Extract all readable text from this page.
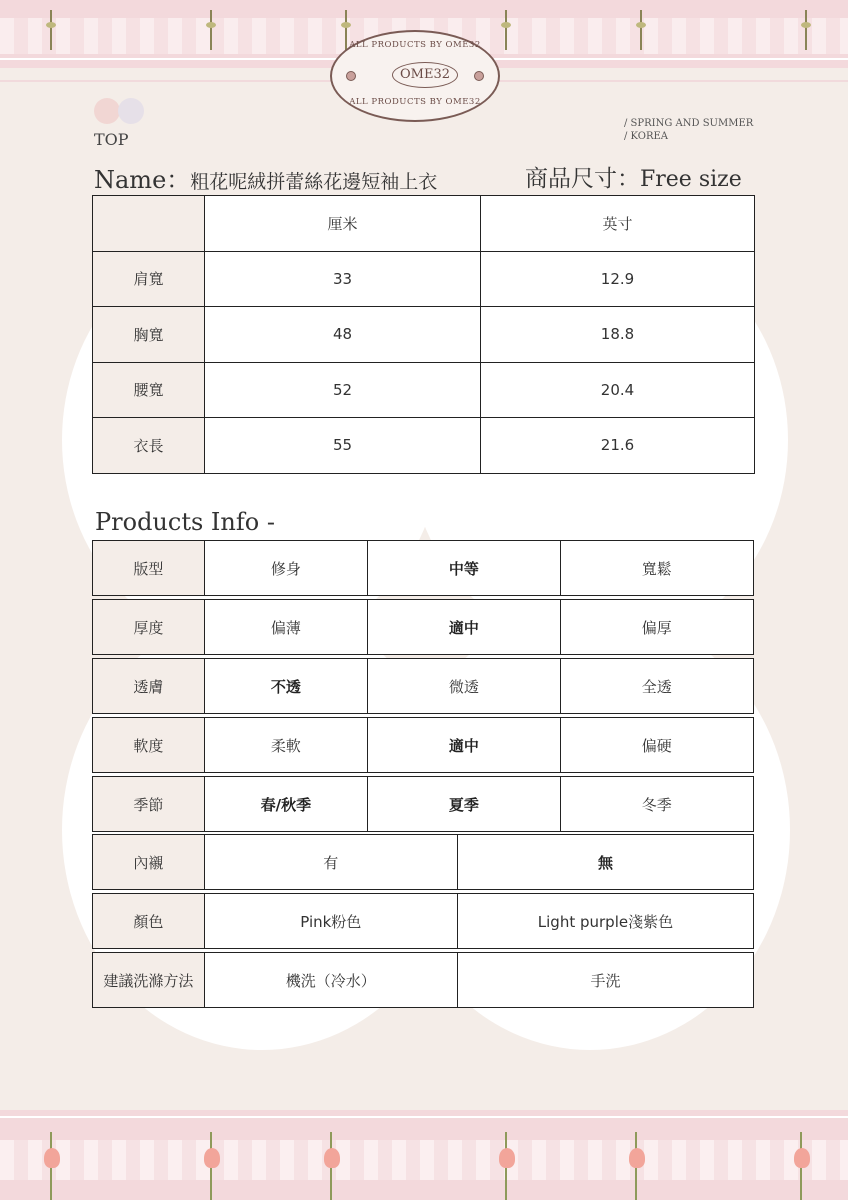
ALL PRODUCTS BY OME32
OME32
ALL PRODUCTS BY OME32
TOP
/ SPRING AND SUMMER
/ KOREA
Name：粗花呢絨拼蕾絲花邊短袖上衣	商品尺寸：Free size
	厘米	英寸
肩寬	33	12.9
胸寬	48	18.8
腰寬	52	20.4
衣長	55	21.6
Products Info -
版型	修身	中等	寬鬆
厚度	偏薄	適中	偏厚
透膚	不透	微透	全透
軟度	柔軟	適中	偏硬
季節	春/秋季	夏季	冬季
內襯	有	無
顏色	Pink粉色	Light purple淺紫色
建議洗滌方法	機洗（冷水）	手洗
